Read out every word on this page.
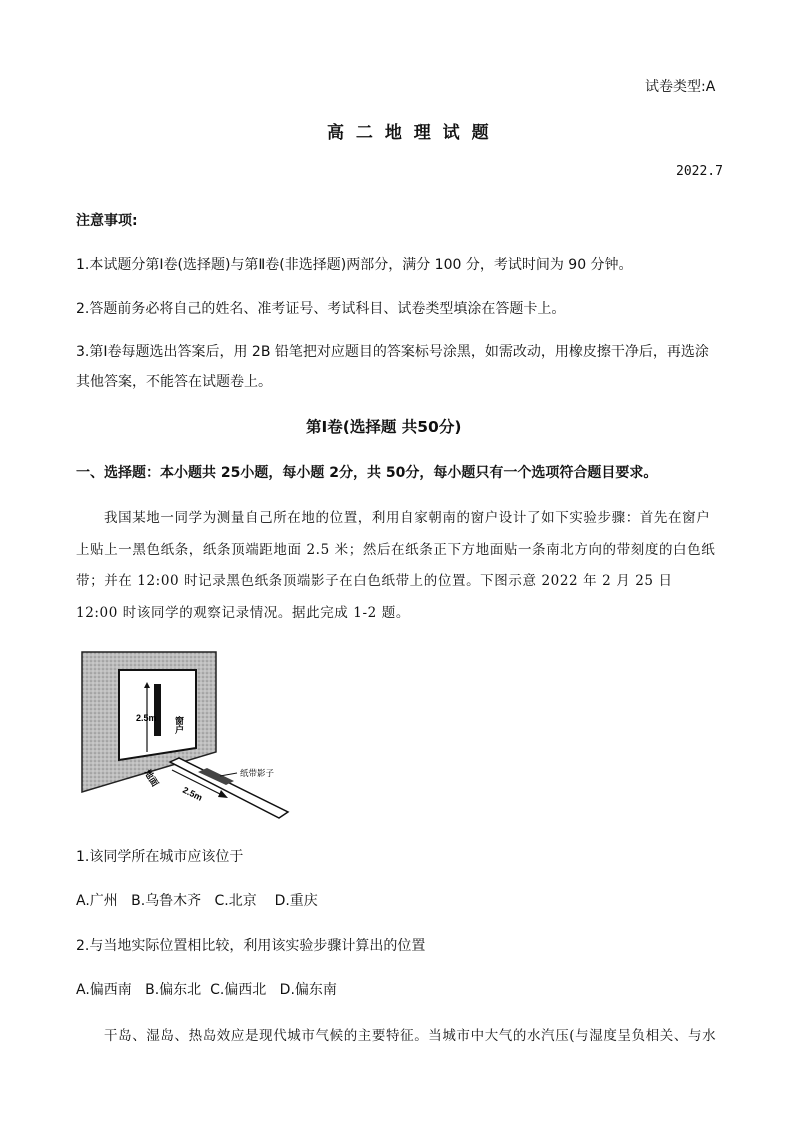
试卷类型:A
高 二 地 理 试 题
2022.7
注意事项:
1.本试题分第Ⅰ卷(选择题)与第Ⅱ卷(非选择题)两部分，满分 100 分，考试时间为 90 分钟。
2.答题前务必将自己的姓名、准考证号、考试科目、试卷类型填涂在答题卡上。
3.第Ⅰ卷每题选出答案后，用 2B 铅笔把对应题目的答案标号涂黑，如需改动，用橡皮擦干净后，再选涂其他答案，不能答在试题卷上。
第Ⅰ卷(选择题 共50分)
一、选择题：本小题共 25小题，每小题 2分，共 50分，每小题只有一个选项符合题目要求。
我国某地一同学为测量自己所在地的位置，利用自家朝南的窗户设计了如下实验步骤：首先在窗户上贴上一黑色纸条，纸条顶端距地面 2.5 米；然后在纸条正下方地面贴一条南北方向的带刻度的白色纸带；并在 12:00 时记录黑色纸条顶端影子在白色纸带上的位置。下图示意 2022 年 2 月 25 日 12:00 时该同学的观察记录情况。据此完成 1-2 题。
2.5m 窗户
2.5m
地面	纸带影子
1.该同学所在城市应该位于
A.广州   B.乌鲁木齐   C.北京    D.重庆
2.与当地实际位置相比较，利用该实验步骤计算出的位置
A.偏西南   B.偏东北  C.偏西北   D.偏东南
干岛、湿岛、热岛效应是现代城市气候的主要特征。当城市中大气的水汽压(与湿度呈负相关、与水
